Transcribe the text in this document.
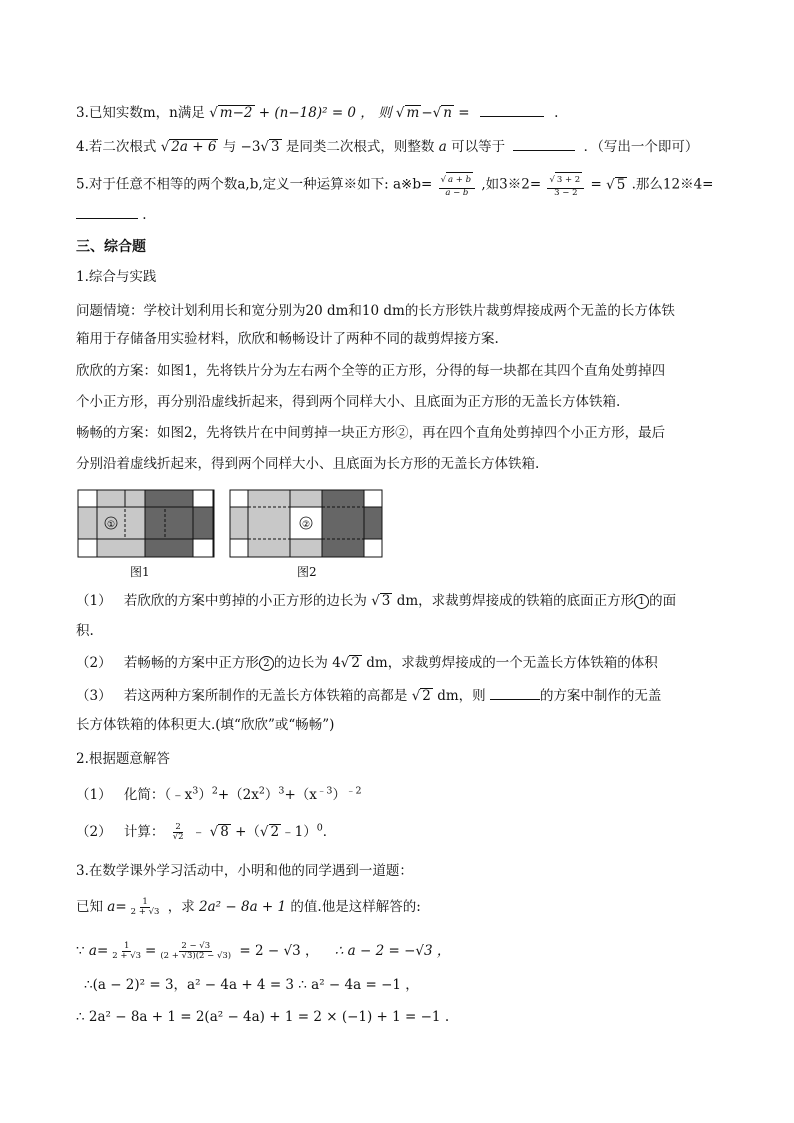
3.已知实数m，n满足 √ m−2 + (n−18)² = 0 ， 则 √ m −√ n =	.
4.若二次根式 √ 2a + 6 与 −3√ 3 是同类二次根式，则整数 a 可以等于	．（写出一个即可）
5.对于任意不相等的两个数a,b,定义一种运算※如下: a※b= $\frac{√ a + b}{a - b}$ ,如3※2= $\frac{√ 3 + 2}{3 - 2}$ = √ 5 .那么12※4=
.
三、综合题
1.综合与实践
问题情境：学校计划利用长和宽分别为20 dm和10 dm的长方形铁片裁剪焊接成两个无盖的长方体铁
箱用于存储备用实验材料，欣欣和畅畅设计了两种不同的裁剪焊接方案.
欣欣的方案：如图1，先将铁片分为左右两个全等的正方形，分得的每一块都在其四个直角处剪掉四
个小正方形，再分别沿虚线折起来，得到两个同样大小、且底面为正方形的无盖长方体铁箱.
畅畅的方案：如图2，先将铁片在中间剪掉一块正方形②，再在四个直角处剪掉四个小正方形，最后
分别沿着虚线折起来，得到两个同样大小、且底面为长方形的无盖长方体铁箱.
①	②
图1	图2
（1） 若欣欣的方案中剪掉的小正方形的边长为 √ 3 dm，求裁剪焊接成的铁箱的底面正方形 1 的面
积.
（2） 若畅畅的方案中正方形 2 的边长为 4√ 2 dm，求裁剪焊接成的一个无盖长方体铁箱的体积
（3） 若这两种方案所制作的无盖长方体铁箱的高都是 √ 2 dm，则	的方案中制作的无盖
长方体铁箱的体积更大.(填“欣欣”或“畅畅”)
2.根据题意解答
（1） 化简：$(﹣x^3)^2+(2x^2)^3+(x^{﹣3})^{﹣2}$
（2） 计算： $\frac{2}{√2}$ ﹣ √ 8 +（√ 2 ﹣1）$^0$．
3.在数学课外学习活动中，小明和他的同学遇到一道题：
已知 $a= \frac{1}{2 + √3}$ ，求 2a² − 8a + 1 的值.他是这样解答的:
∵ $a= \frac{1}{2 + √3} = \frac{2 - √3}{(2 + √3)(2 - √3)} = 2 - √3$ ， ∴ a − 2 = −√3 ，
∴(a − 2)² = 3，a² − 4a + 4 = 3 ∴ a² − 4a = −1 ，
∴ 2a² − 8a + 1 = 2(a² − 4a) + 1 = 2 × (−1) + 1 = −1 .
